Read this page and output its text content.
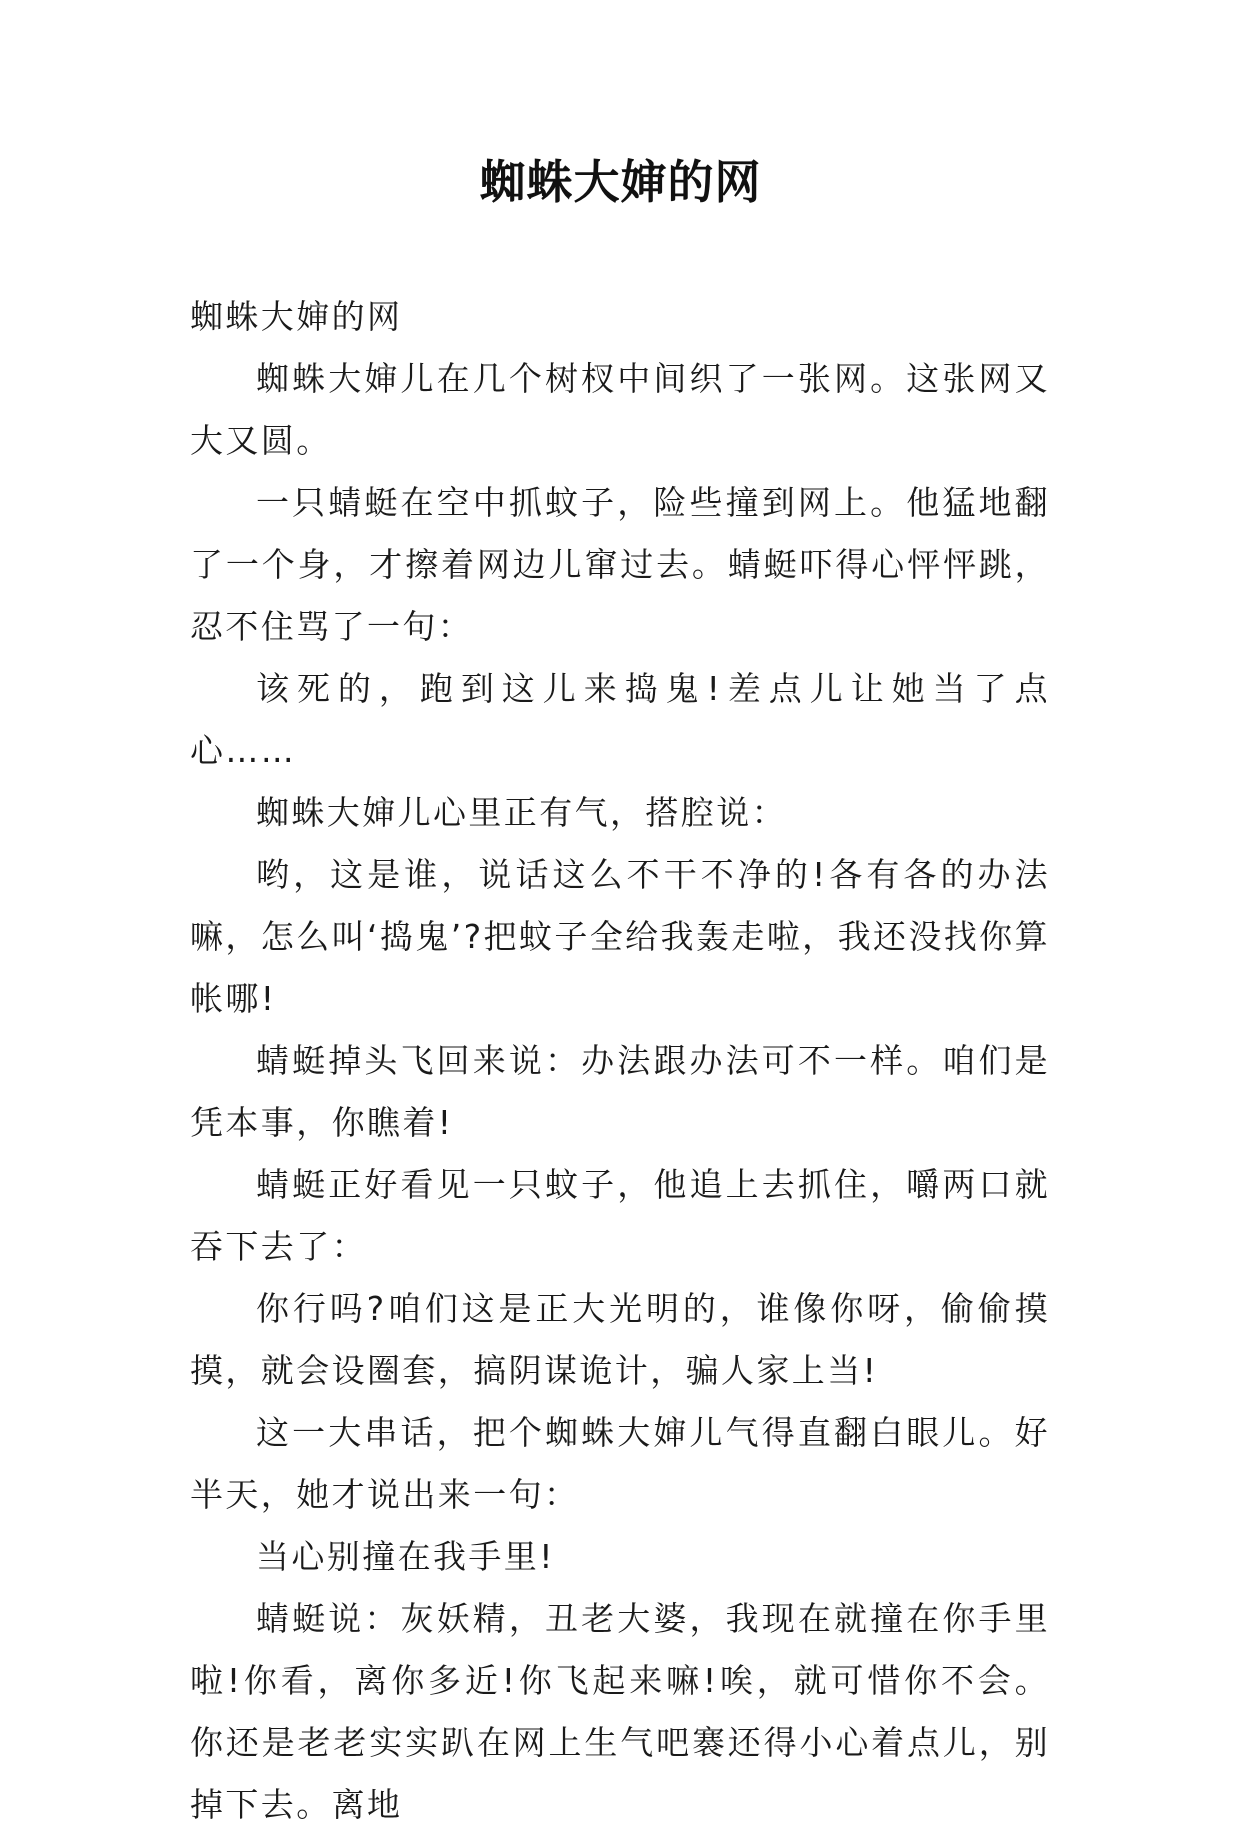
蜘蛛大婶的网

蜘蛛大婶的网

蜘蛛大婶儿在几个树杈中间织了一张网。这张网又大又圆。

一只蜻蜓在空中抓蚊子，险些撞到网上。他猛地翻了一个身，才擦着网边儿窜过去。蜻蜓吓得心怦怦跳，忍不住骂了一句：

该死的，跑到这儿来捣鬼!差点儿让她当了点心……

蜘蛛大婶儿心里正有气，搭腔说：

哟，这是谁，说话这么不干不净的!各有各的办法嘛，怎么叫‘捣鬼’?把蚊子全给我轰走啦，我还没找你算帐哪!

蜻蜓掉头飞回来说：办法跟办法可不一样。咱们是凭本事，你瞧着!

蜻蜓正好看见一只蚊子，他追上去抓住，嚼两口就吞下去了：

你行吗?咱们这是正大光明的，谁像你呀，偷偷摸摸，就会设圈套，搞阴谋诡计，骗人家上当!

这一大串话，把个蜘蛛大婶儿气得直翻白眼儿。好半天，她才说出来一句：

当心别撞在我手里!

蜻蜓说：灰妖精，丑老大婆，我现在就撞在你手里啦!你看，离你多近!你飞起来嘛!唉，就可惜你不会。你还是老老实实趴在网上生气吧褰还得小心着点儿，别掉下去。离地
